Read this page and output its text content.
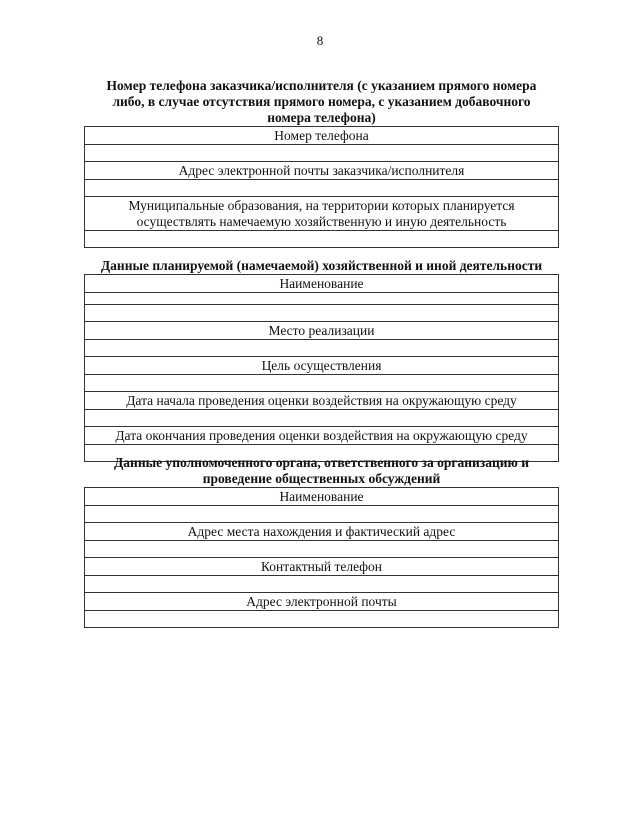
8
Номер телефона заказчика/исполнителя (с указанием прямого номера либо, в случае отсутствия прямого номера, с указанием добавочного номера телефона)
Номер телефона

Адрес электронной почты заказчика/исполнителя

Муниципальные образования, на территории которых планируется осуществлять намечаемую хозяйственную и иную деятельность

Данные планируемой (намечаемой) хозяйственной и иной деятельности
Наименование

Место реализации

Цель осуществления

Дата начала проведения оценки воздействия на окружающую среду

Дата окончания проведения оценки воздействия на окружающую среду

Данные уполномоченного органа, ответственного за организацию и проведение общественных обсуждений
Наименование

Адрес места нахождения и фактический адрес

Контактный телефон

Адрес электронной почты
